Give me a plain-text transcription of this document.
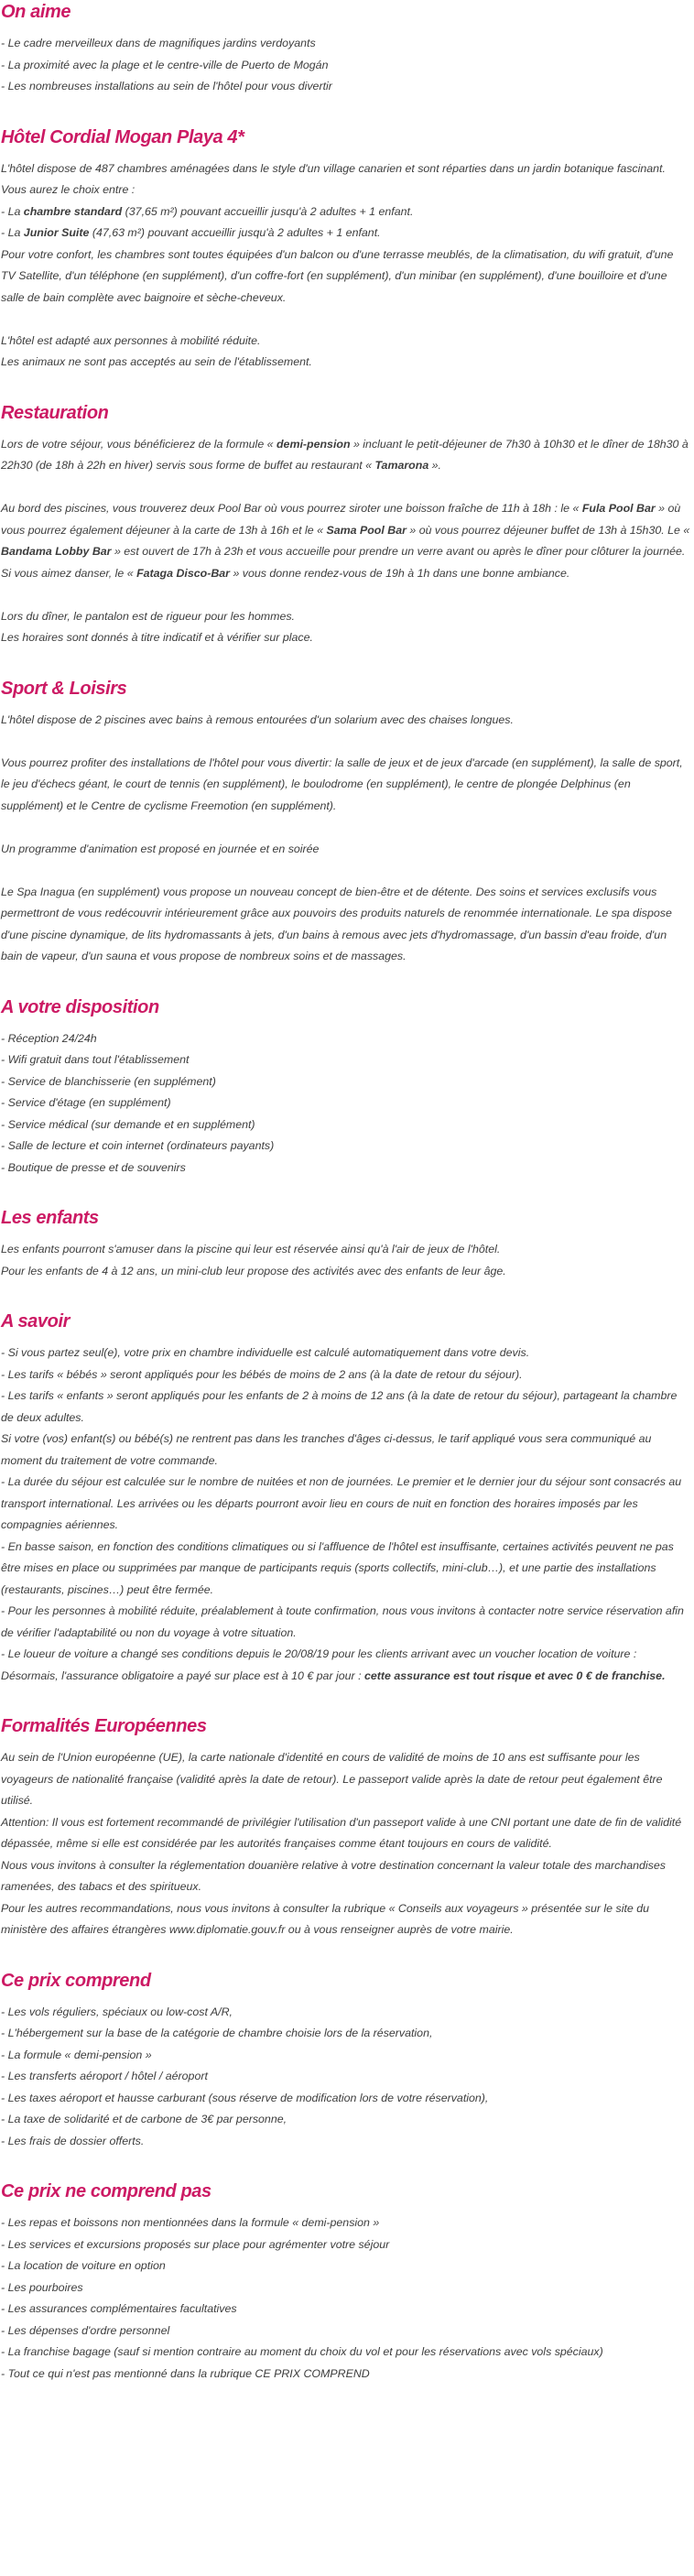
On aime

- Le cadre merveilleux dans de magnifiques jardins verdoyants

- La proximité avec la plage et le centre-ville de Puerto de Mogán

- Les nombreuses installations au sein de l'hôtel pour vous divertir

Hôtel Cordial Mogan Playa 4*

L'hôtel dispose de 487 chambres aménagées dans le style d'un village canarien et sont réparties dans un jardin botanique fascinant.

Vous aurez le choix entre :

- La chambre standard (37,65 m²) pouvant accueillir jusqu'à 2 adultes + 1 enfant.

- La Junior Suite (47,63 m²) pouvant accueillir jusqu'à 2 adultes + 1 enfant.

Pour votre confort, les chambres sont toutes équipées d'un balcon ou d'une terrasse meublés, de la climatisation, du wifi gratuit, d'une TV Satellite, d'un téléphone (en supplément), d'un coffre-fort (en supplément), d'un minibar (en supplément), d'une bouilloire et d'une salle de bain complète avec baignoire et sèche-cheveux.

L'hôtel est adapté aux personnes à mobilité réduite.

Les animaux ne sont pas acceptés au sein de l'établissement.

Restauration

Lors de votre séjour, vous bénéficierez de la formule « demi-pension » incluant le petit-déjeuner de 7h30 à 10h30 et le dîner de 18h30 à 22h30 (de 18h à 22h en hiver) servis sous forme de buffet au restaurant « Tamarona ».

Au bord des piscines, vous trouverez deux Pool Bar où vous pourrez siroter une boisson fraîche de 11h à 18h : le « Fula Pool Bar » où vous pourrez également déjeuner à la carte de 13h à 16h et le « Sama Pool Bar » où vous pourrez déjeuner buffet de 13h à 15h30. Le « Bandama Lobby Bar » est ouvert de 17h à 23h et vous accueille pour prendre un verre avant ou après le dîner pour clôturer la journée. Si vous aimez danser, le « Fataga Disco-Bar » vous donne rendez-vous de 19h à 1h dans une bonne ambiance.

Lors du dîner, le pantalon est de rigueur pour les hommes.

Les horaires sont donnés à titre indicatif et à vérifier sur place.

Sport & Loisirs

L'hôtel dispose de 2 piscines avec bains à remous entourées d'un solarium avec des chaises longues.

Vous pourrez profiter des installations de l'hôtel pour vous divertir: la salle de jeux et de jeux d'arcade (en supplément), la salle de sport, le jeu d'échecs géant, le court de tennis (en supplément), le boulodrome (en supplément), le centre de plongée Delphinus (en supplément) et le Centre de cyclisme Freemotion (en supplément).

Un programme d'animation est proposé en journée et en soirée

Le Spa Inagua (en supplément) vous propose un nouveau concept de bien-être et de détente. Des soins et services exclusifs vous permettront de vous redécouvrir intérieurement grâce aux pouvoirs des produits naturels de renommée internationale. Le spa dispose d'une piscine dynamique, de lits hydromassants à jets, d'un bains à remous avec jets d'hydromassage, d'un bassin d'eau froide, d'un bain de vapeur, d'un sauna et vous propose de nombreux soins et de massages.

A votre disposition

- Réception 24/24h

- Wifi gratuit dans tout l'établissement

- Service de blanchisserie (en supplément)

- Service d'étage (en supplément)

- Service médical (sur demande et en supplément)

- Salle de lecture et coin internet (ordinateurs payants)

- Boutique de presse et de souvenirs

Les enfants

Les enfants pourront s'amuser dans la piscine qui leur est réservée ainsi qu'à l'air de jeux de l'hôtel.

Pour les enfants de 4 à 12 ans, un mini-club leur propose des activités avec des enfants de leur âge.

A savoir

- Si vous partez seul(e), votre prix en chambre individuelle est calculé automatiquement dans votre devis.

- Les tarifs « bébés » seront appliqués pour les bébés de moins de 2 ans (à la date de retour du séjour).

- Les tarifs « enfants » seront appliqués pour les enfants de 2 à moins de 12 ans (à la date de retour du séjour), partageant la chambre de deux adultes.

Si votre (vos) enfant(s) ou bébé(s) ne rentrent pas dans les tranches d'âges ci-dessus, le tarif appliqué vous sera communiqué au moment du traitement de votre commande.

- La durée du séjour est calculée sur le nombre de nuitées et non de journées. Le premier et le dernier jour du séjour sont consacrés au transport international. Les arrivées ou les départs pourront avoir lieu en cours de nuit en fonction des horaires imposés par les compagnies aériennes.

- En basse saison, en fonction des conditions climatiques ou si l'affluence de l'hôtel est insuffisante, certaines activités peuvent ne pas être mises en place ou supprimées par manque de participants requis (sports collectifs, mini-club…), et une partie des installations (restaurants, piscines…) peut être fermée.

- Pour les personnes à mobilité réduite, préalablement à toute confirmation, nous vous invitons à contacter notre service réservation afin de vérifier l'adaptabilité ou non du voyage à votre situation.

- Le loueur de voiture a changé ses conditions depuis le 20/08/19 pour les clients arrivant avec un voucher location de voiture : Désormais, l'assurance obligatoire a payé sur place est à 10 € par jour : cette assurance est tout risque et avec 0 € de franchise.

Formalités Européennes

Au sein de l'Union européenne (UE), la carte nationale d'identité en cours de validité de moins de 10 ans est suffisante pour les voyageurs de nationalité française (validité après la date de retour). Le passeport valide après la date de retour peut également être utilisé.

Attention: Il vous est fortement recommandé de privilégier l'utilisation d'un passeport valide à une CNI portant une date de fin de validité dépassée, même si elle est considérée par les autorités françaises comme étant toujours en cours de validité.

Nous vous invitons à consulter la réglementation douanière relative à votre destination concernant la valeur totale des marchandises ramenées, des tabacs et des spiritueux.

Pour les autres recommandations, nous vous invitons à consulter la rubrique « Conseils aux voyageurs » présentée sur le site du ministère des affaires étrangères www.diplomatie.gouv.fr ou à vous renseigner auprès de votre mairie.

Ce prix comprend

- Les vols réguliers, spéciaux ou low-cost A/R,

- L'hébergement sur la base de la catégorie de chambre choisie lors de la réservation,

- La formule « demi-pension »

- Les transferts aéroport / hôtel / aéroport

- Les taxes aéroport et hausse carburant (sous réserve de modification lors de votre réservation),

- La taxe de solidarité et de carbone de 3€ par personne,

- Les frais de dossier offerts.

Ce prix ne comprend pas

- Les repas et boissons non mentionnées dans la formule « demi-pension »

- Les services et excursions proposés sur place pour agrémenter votre séjour

- La location de voiture en option

- Les pourboires

- Les assurances complémentaires facultatives

- Les dépenses d'ordre personnel

- La franchise bagage (sauf si mention contraire au moment du choix du vol et pour les réservations avec vols spéciaux)

- Tout ce qui n'est pas mentionné dans la rubrique CE PRIX COMPREND
